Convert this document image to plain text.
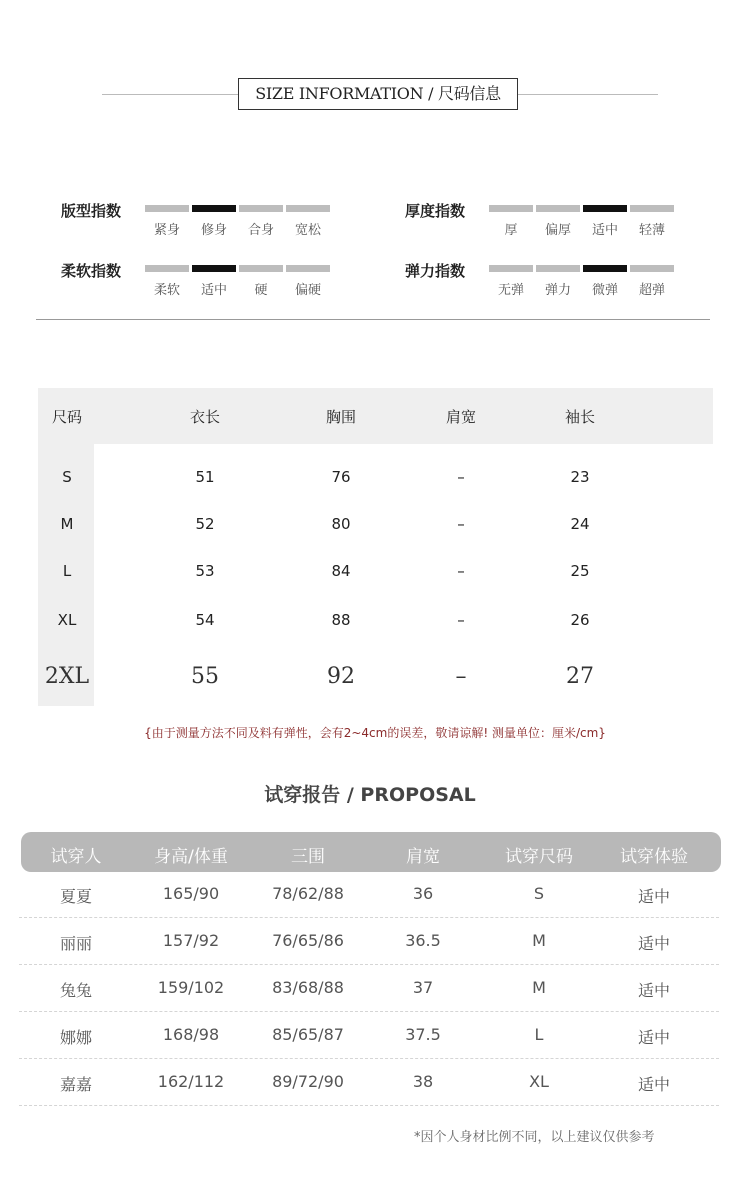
SIZE INFORMATION / 尺码信息
版型指数
紧身	修身	合身	宽松
厚度指数
厚	偏厚	适中	轻薄
柔软指数
柔软	适中	硬	偏硬
弹力指数
无弹	弹力	微弹	超弹
尺码	衣长	胸围	肩宽	袖长
S	51	76	–	23
M	52	80	–	24
L	53	84	–	25
XL	54	88	–	26
2XL	55	92	–	27
{由于测量方法不同及料有弹性，会有2~4cm的误差，敬请谅解! 测量单位：厘米/cm}
试穿报告 / PROPOSAL
试穿人	身高/体重	三围	肩宽	试穿尺码	试穿体验
夏夏	165/90	78/62/88	36	S	适中
丽丽	157/92	76/65/86	36.5	M	适中
兔兔	159/102	83/68/88	37	M	适中
娜娜	168/98	85/65/87	37.5	L	适中
嘉嘉	162/112	89/72/90	38	XL	适中
*因个人身材比例不同，以上建议仅供参考
